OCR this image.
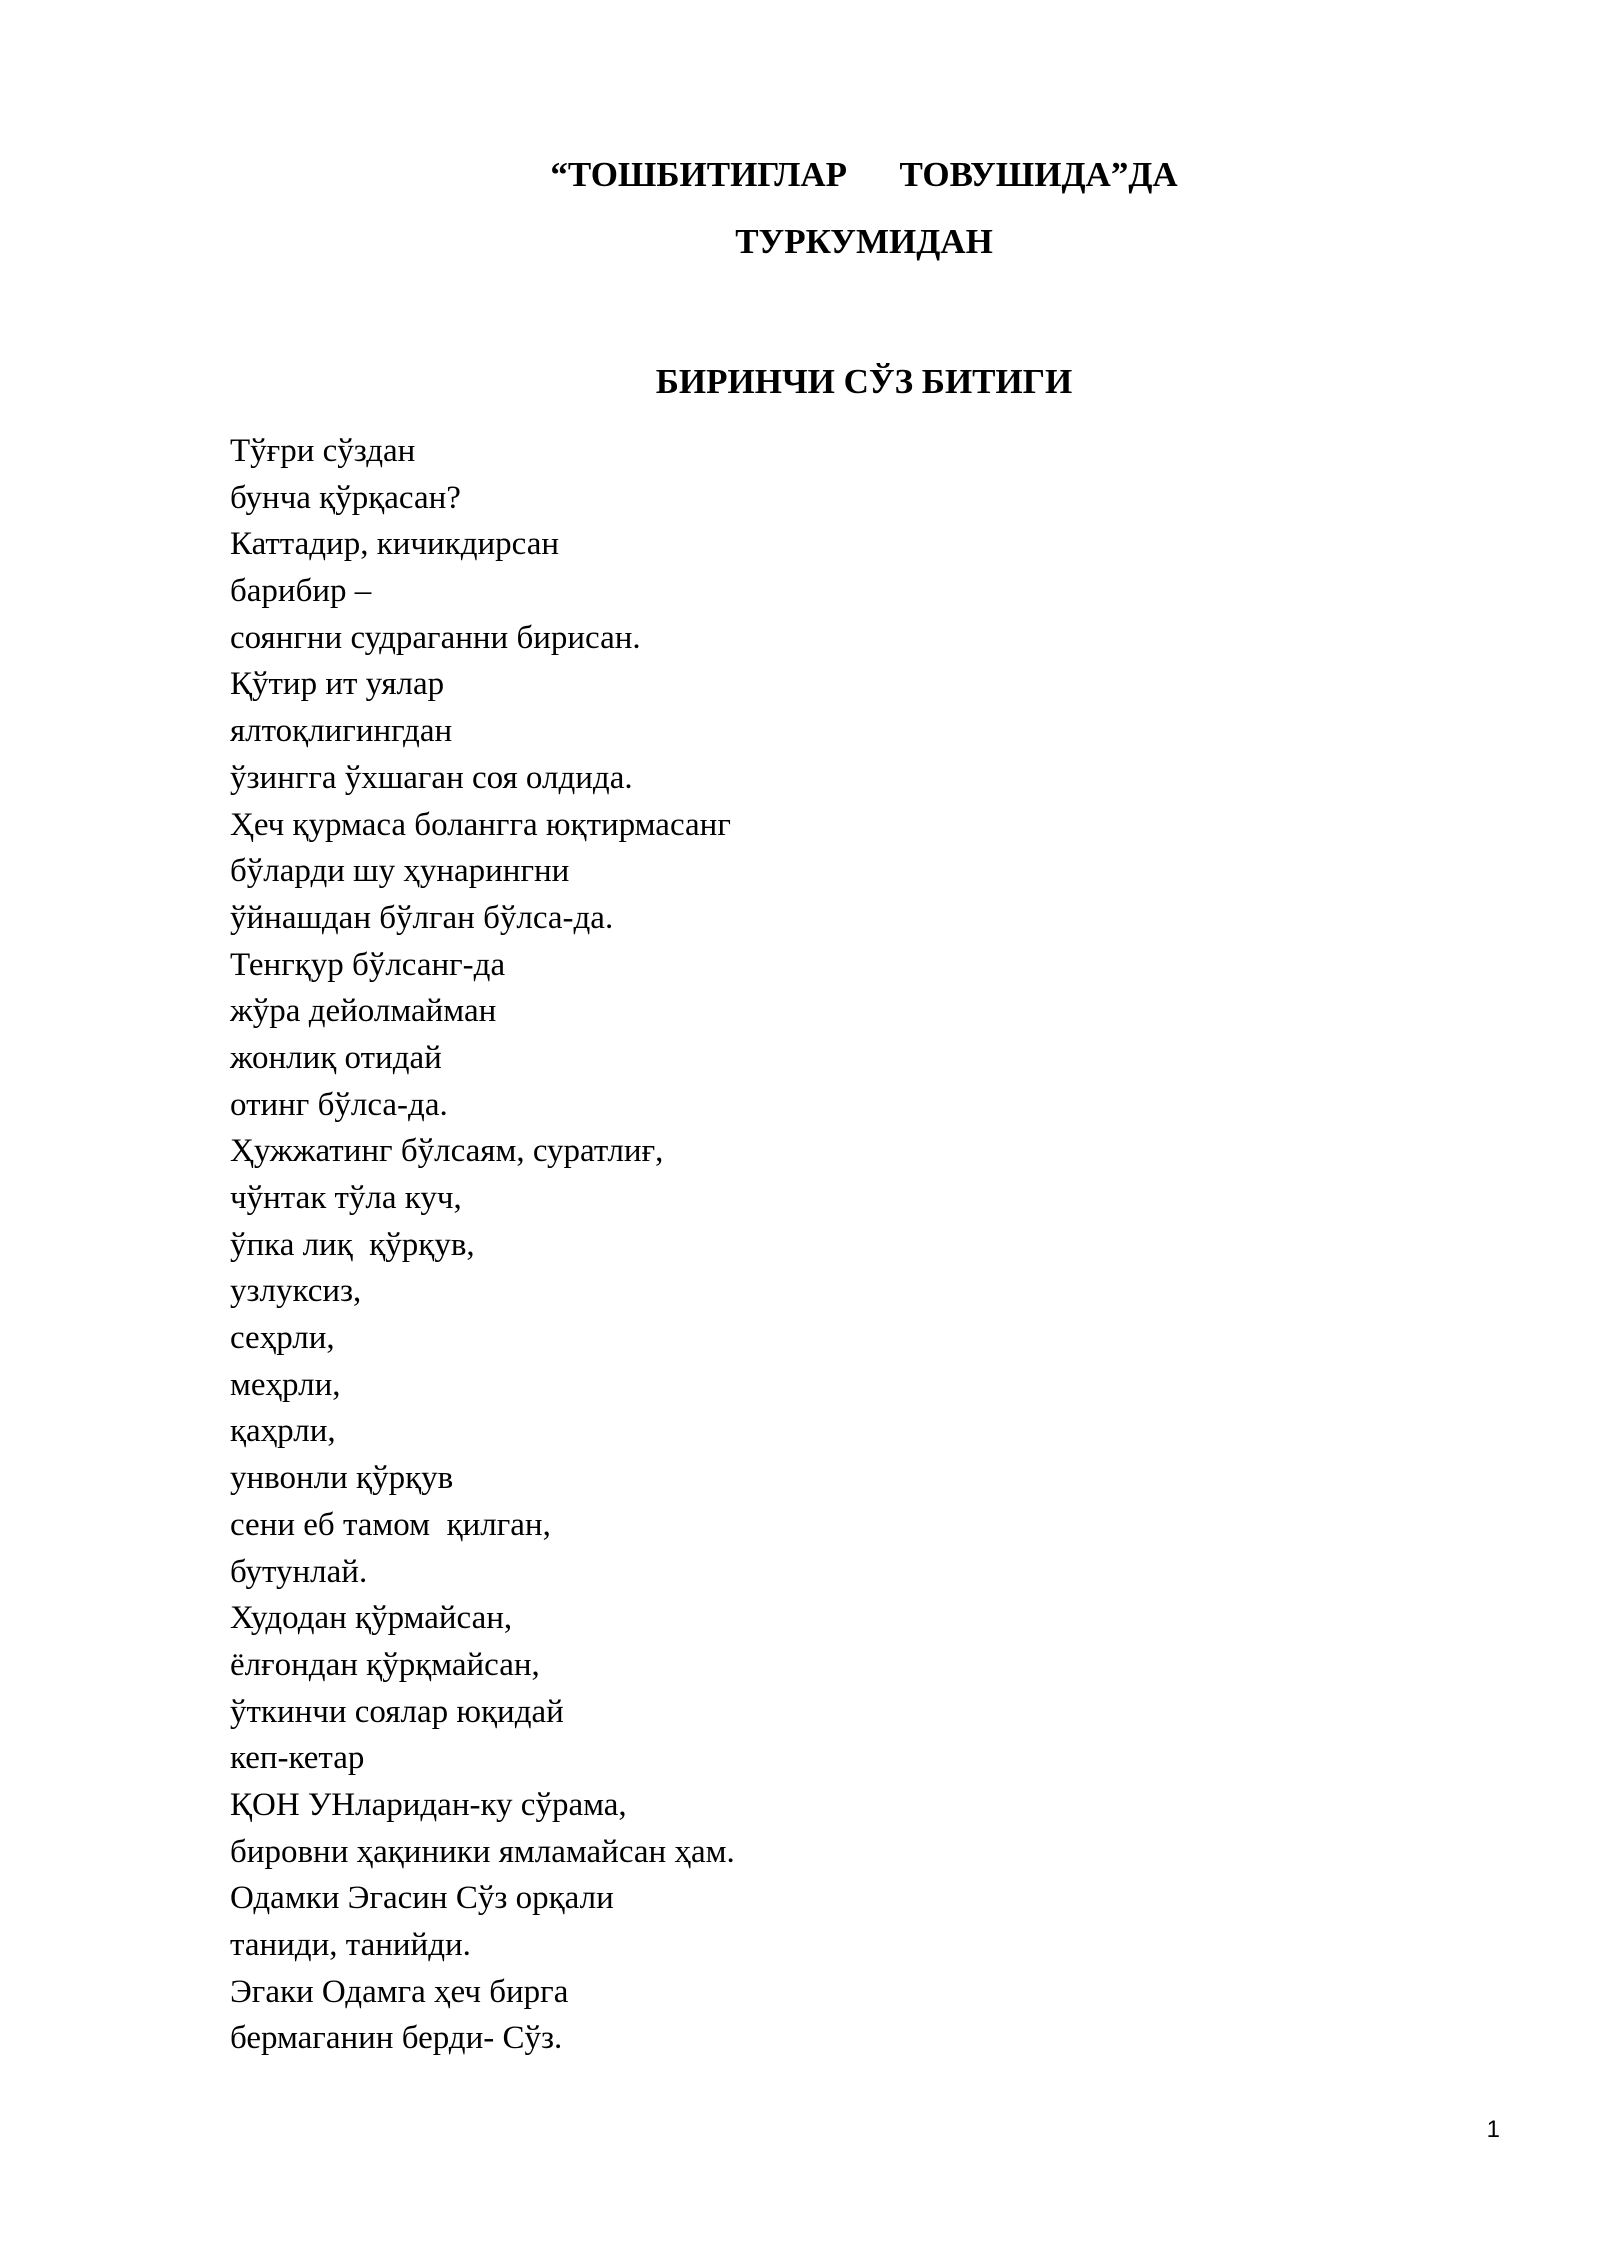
“ТОШБИТИГЛАР      ТОВУШИДА”ДА
ТУРКУМИДАН
БИРИНЧИ СЎЗ БИТИГИ
Тўғри сўздан
бунча қўрқасан?
Каттадир, кичикдирсан
барибир –
соянгни судраганни бирисан.
Қўтир ит уялар
ялтоқлигингдан
ўзингга ўхшаган соя олдида.
Ҳеч қурмаса болангга юқтирмасанг
бўларди шу ҳунарингни
ўйнашдан бўлган бўлса-да.
Тенгқур бўлсанг-да
жўра дейолмайман
жонлиқ отидай
отинг бўлса-да.
Ҳужжатинг бўлсаям, суратлиғ,
чўнтак тўла куч,
ўпка лиқ  қўрқув,
узлуксиз,
сеҳрли,
меҳрли,
қаҳрли,
унвонли қўрқув
сени еб тамом  қилган,
бутунлай.
Худодан қўрмайсан,
ёлғондан қўрқмайсан,
ўткинчи соялар юқидай
кеп-кетар
ҚОН УНларидан-ку сўрама,
бировни ҳақиники ямламайсан ҳам.
Одамки Эгасин Сўз орқали
таниди, танийди.
Эгаки Одамга ҳеч бирга
бермаганин берди- Сўз.
1
